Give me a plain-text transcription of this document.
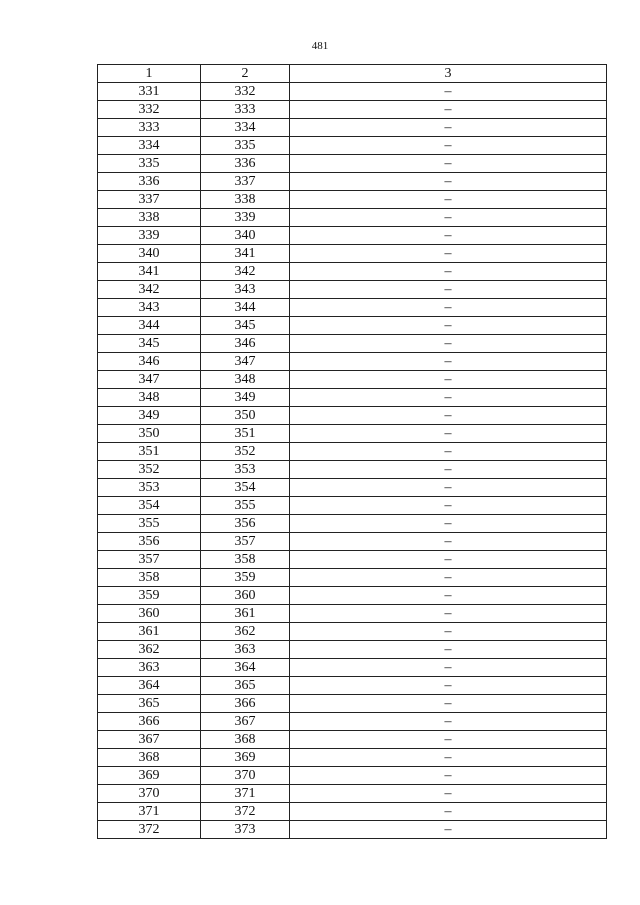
481
1	2	3
331	332	–
332	333	–
333	334	–
334	335	–
335	336	–
336	337	–
337	338	–
338	339	–
339	340	–
340	341	–
341	342	–
342	343	–
343	344	–
344	345	–
345	346	–
346	347	–
347	348	–
348	349	–
349	350	–
350	351	–
351	352	–
352	353	–
353	354	–
354	355	–
355	356	–
356	357	–
357	358	–
358	359	–
359	360	–
360	361	–
361	362	–
362	363	–
363	364	–
364	365	–
365	366	–
366	367	–
367	368	–
368	369	–
369	370	–
370	371	–
371	372	–
372	373	–
